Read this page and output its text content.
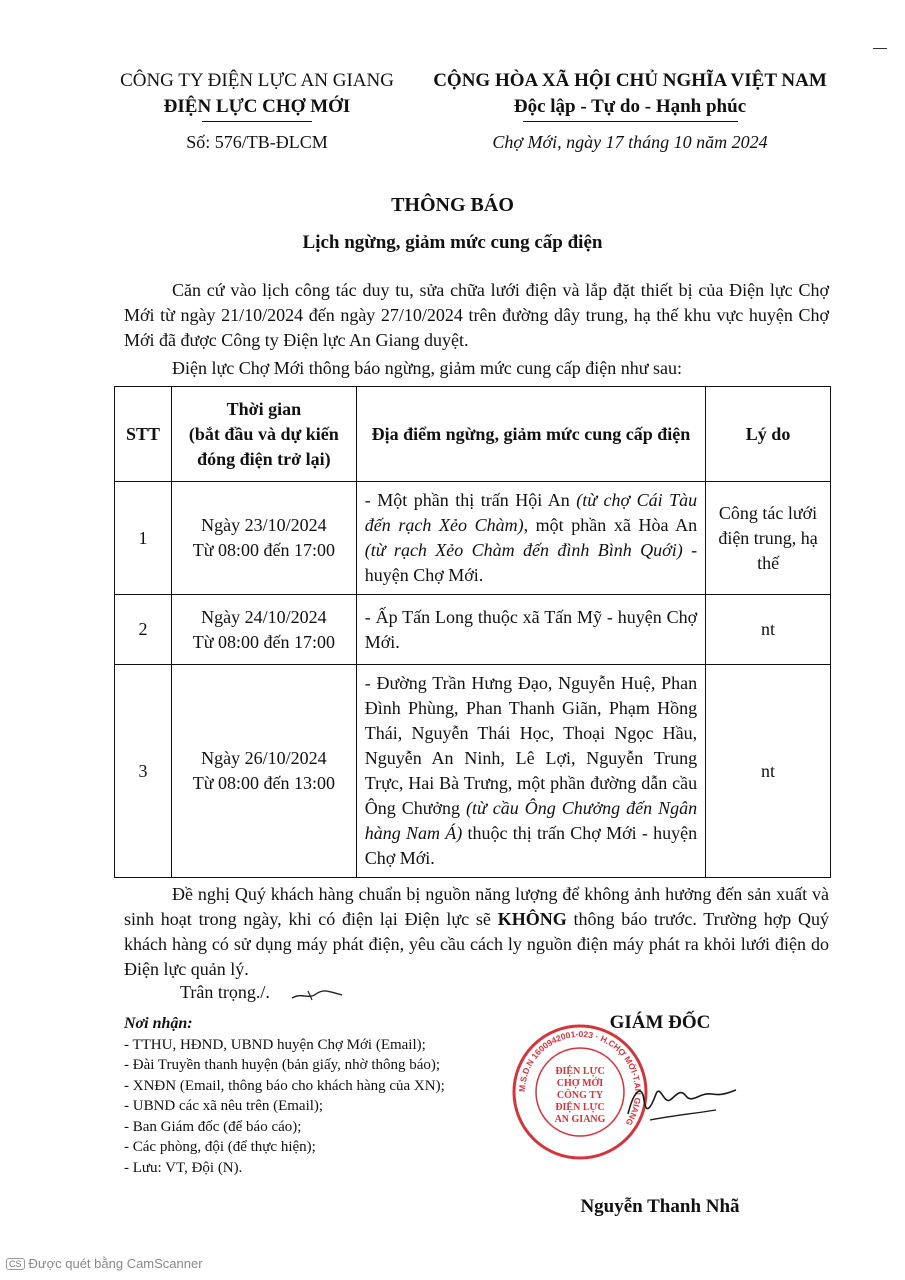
CÔNG TY ĐIỆN LỰC AN GIANG
ĐIỆN LỰC CHỢ MỚI
CỘNG HÒA XÃ HỘI CHỦ NGHĨA VIỆT NAM
Độc lập - Tự do - Hạnh phúc
Số: 576/TB-ĐLCM	Chợ Mới, ngày 17 tháng 10 năm 2024
THÔNG BÁO
Lịch ngừng, giảm mức cung cấp điện
Căn cứ vào lịch công tác duy tu, sửa chữa lưới điện và lắp đặt thiết bị của Điện lực Chợ Mới từ ngày 21/10/2024 đến ngày 27/10/2024 trên đường dây trung, hạ thế khu vực huyện Chợ Mới đã được Công ty Điện lực An Giang duyệt.
Điện lực Chợ Mới thông báo ngừng, giảm mức cung cấp điện như sau:
STT	Thời gian
(bắt đầu và dự kiến
đóng điện trở lại)	Địa điểm ngừng, giảm mức cung cấp điện	Lý do
1	Ngày 23/10/2024
Từ 08:00 đến 17:00	- Một phần thị trấn Hội An (từ chợ Cái Tàu đến rạch Xẻo Chàm), một phần xã Hòa An (từ rạch Xẻo Chàm đến đình Bình Quới) - huyện Chợ Mới.	Công tác lưới điện trung, hạ thế
2	Ngày 24/10/2024
Từ 08:00 đến 17:00	- Ấp Tấn Long thuộc xã Tấn Mỹ - huyện Chợ Mới.	nt
3	Ngày 26/10/2024
Từ 08:00 đến 13:00	- Đường Trần Hưng Đạo, Nguyễn Huệ, Phan Đình Phùng, Phan Thanh Giãn, Phạm Hồng Thái, Nguyễn Thái Học, Thoại Ngọc Hầu, Nguyễn An Ninh, Lê Lợi, Nguyễn Trung Trực, Hai Bà Trưng, một phần đường dẫn cầu Ông Chưởng (từ cầu Ông Chưởng đến Ngân hàng Nam Á) thuộc thị trấn Chợ Mới - huyện Chợ Mới.	nt
Đề nghị Quý khách hàng chuẩn bị nguồn năng lượng để không ảnh hưởng đến sản xuất và sinh hoạt trong ngày, khi có điện lại Điện lực sẽ KHÔNG thông báo trước. Trường hợp Quý khách hàng có sử dụng máy phát điện, yêu cầu cách ly nguồn điện máy phát ra khỏi lưới điện do Điện lực quản lý.
Trân trọng./.
Nơi nhận:
- TTHU, HĐND, UBND huyện Chợ Mới (Email);
- Đài Truyền thanh huyện (bản giấy, nhờ thông báo);
- XNĐN (Email, thông báo cho khách hàng của XN);
- UBND các xã nêu trên (Email);
- Ban Giám đốc (để báo cáo);
- Các phòng, đội (để thực hiện);
- Lưu: VT, Đội (N).
GIÁM ĐỐC
M.S.D.N 1600942001-023 · H.CHỢ MỚI-T.AN GIANG
ĐIỆN LỰC
CHỢ MỚI
CÔNG TY
ĐIỆN LỰC
AN GIANG
Nguyễn Thanh Nhã
CS Được quét bằng CamScanner
